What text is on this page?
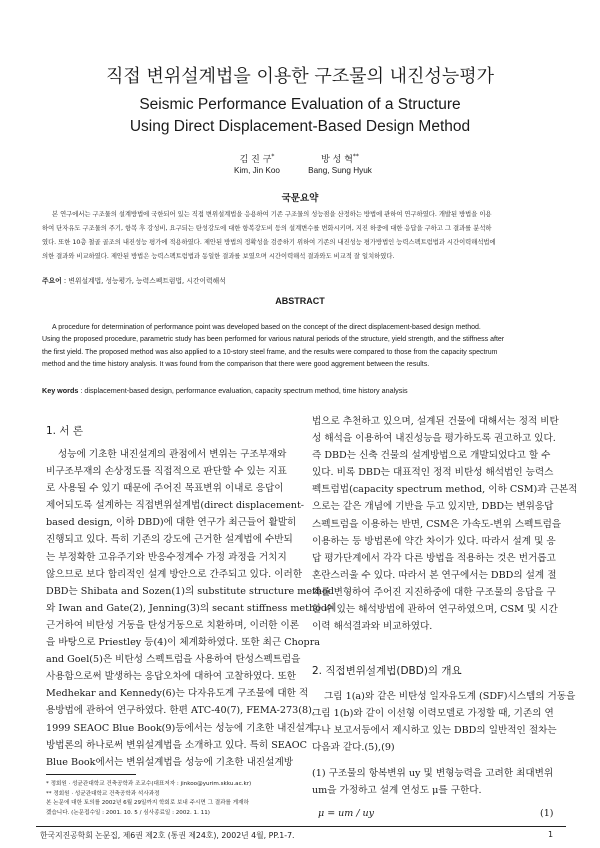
직접 변위설계법을 이용한 구조물의 내진성능평가
Seismic Performance Evaluation of a Structure
Using Direct Displacement-Based Design Method
김 진 구*	방 성 혁**
Kim, Jin Koo	Bang, Sung Hyuk
국문요약
본 연구에서는 구조물의 설계방법에 국한되어 있는 직접 변위설계법을 응용하여 기존 구조물의 성능점을 산정하는 방법에 관하여 연구하였다. 개발된 방법을 이용
하여 단자유도 구조물의 주기, 항복 후 강성비, 요구되는 탄성강도에 대한 항복강도비 등의 설계변수를 변화시키며, 지진 하중에 대한 응답을 구하고 그 결과를 분석하
였다. 또한 10층 철골 골조의 내진성능 평가에 적용하였다. 제안된 방법의 정확성을 검증하기 위하여 기존의 내진성능 평가방법인 능력스펙트럼법과 시간이력해석법에
의한 결과와 비교하였다. 제안된 방법은 능력스펙트럼법과 동일한 결과를 보였으며 시간이력해석 결과와도 비교적 잘 일치하였다.
주요어 : 변위설계법, 성능평가, 능력스펙트럼법, 시간이력해석
ABSTRACT
A procedure for determination of performance point was developed based on the concept of the direct displacement-based design method.
Using the proposed procedure, parametric study has been performed for various natural periods of the structure, yield strength, and the stiffness after
the first yield. The proposed method was also applied to a 10-story steel frame, and the results were compared to those from the capacity spectrum
method and the time history analysis. It was found from the comparison that there were good aggrement between the results.
Key words : displacement-based design, performance evaluation, capacity spectrum method, time history analysis
1. 서 론
성능에 기초한 내진설계의 관점에서 변위는 구조부재와
비구조부재의 손상정도를 직접적으로 판단할 수 있는 지표
로 사용될 수 있기 때문에 주어진 목표변위 이내로 응답이
제어되도록 설계하는 직접변위설계법(direct displacement-
based design, 이하 DBD)에 대한 연구가 최근들어 활발히
진행되고 있다. 특히 기존의 강도에 근거한 설계법에 수반되
는 부정확한 고유주기와 반응수정계수 가정 과정을 거치지
않으므로 보다 합리적인 설계 방안으로 간주되고 있다. 이러한
DBD는 Shibata and Sozen(1)의 substitute structure method
와 Iwan and Gate(2), Jenning(3)의 secant stiffness method에
근거하여 비탄성 거동을 탄성거동으로 치환하며, 이러한 이론
을 바탕으로 Priestley 등(4)이 체계화하였다. 또한 최근 Chopra
and Goel(5)은 비탄성 스펙트럼을 사용하여 탄성스펙트럼을
사용함으로써 발생하는 응답오차에 대하여 고찰하였다. 또한
Medhekar and Kennedy(6)는 다자유도계 구조물에 대한 적
용방법에 관하여 연구하였다. 한편 ATC-40(7), FEMA-273(8),
1999 SEAOC Blue Book(9)등에서는 성능에 기초한 내진설계
방법론의 하나로써 변위설계법을 소개하고 있다. 특히 SEAOC
Blue Book에서는 변위설계법을 성능에 기초한 내진설계방
법으로 추천하고 있으며, 설계된 건물에 대해서는 정적 비탄
성 해석을 이용하여 내진성능을 평가하도록 권고하고 있다.
즉 DBD는 신축 건물의 설계방법으로 개발되었다고 할 수
있다. 비록 DBD는 대표적인 정적 비탄성 해석법인 능력스
펙트럼법(capacity spectrum method, 이하 CSM)과 근본적
으로는 같은 개념에 기반을 두고 있지만, DBD는 변위응답
스펙트럼을 이용하는 반면, CSM은 가속도-변위 스펙트럼을
이용하는 등 방법론에 약간 차이가 있다. 따라서 설계 및 응
답 평가단계에서 각각 다른 방법을 적용하는 것은 번거롭고
혼란스러울 수 있다. 따라서 본 연구에서는 DBD의 설계 절
차를 변형하여 주어진 지진하중에 대한 구조물의 응답을 구
할 수 있는 해석방법에 관하여 연구하였으며, CSM 및 시간
이력 해석결과와 비교하였다.
2. 직접변위설계법(DBD)의 개요
그림 1(a)와 같은 비탄성 일자유도계 (SDF)시스템의 거동을
그림 1(b)와 같이 이선형 이력모델로 가정할 때, 기존의 연
구나 보고서등에서 제시하고 있는 DBD의 일반적인 절차는
다음과 같다.(5),(9)
(1) 구조물의 항복변위 uy 및 변형능력을 고려한 최대변위
um을 가정하고 설계 연성도 μ를 구한다.
μ = um / uy	(1)
* 정회원 · 성균관대학교 건축공학과 조교수(대표저자 : jinkoo@yurim.skku.ac.kr)
** 정회원 · 성균관대학교 건축공학과 석사과정
본 논문에 대한 토의를 2002년 6월 29일까지 학회로 보내 주시면 그 결과를 게재하
겠습니다. (논문접수일 : 2001. 10. 5 / 심사종료일 : 2002. 1. 11)
한국지진공학회 논문집, 제6권 제2호 (통권 제24호), 2002년 4월, PP.1-7.	1
